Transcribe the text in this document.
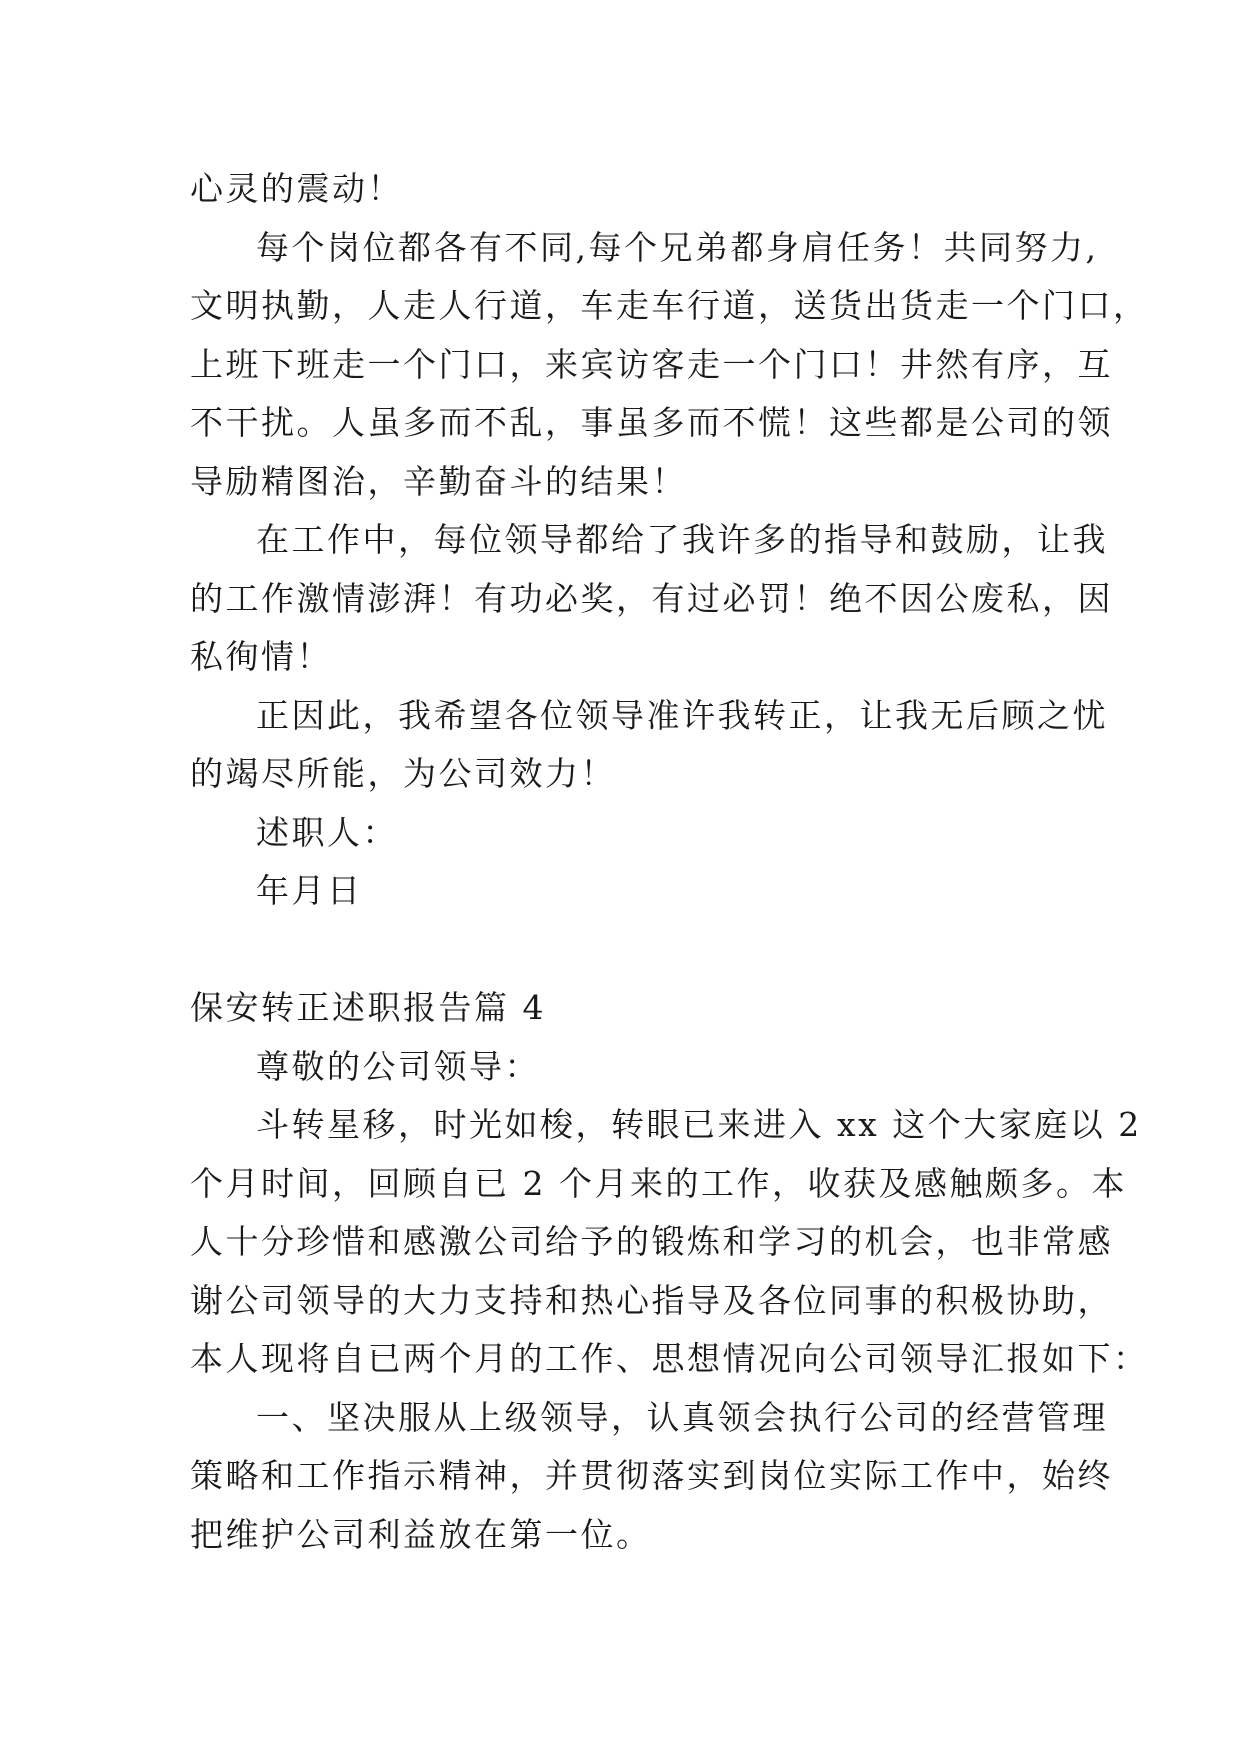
心灵的震动！

每个岗位都各有不同,每个兄弟都身肩任务！共同努力,
文明执勤，人走人行道，车走车行道，送货出货走一个门口，
上班下班走一个门口，来宾访客走一个门口！井然有序，互
不干扰。人虽多而不乱，事虽多而不慌！这些都是公司的领
导励精图治，辛勤奋斗的结果！

在工作中，每位领导都给了我许多的指导和鼓励，让我
的工作激情澎湃！有功必奖，有过必罚！绝不因公废私，因
私徇情！

正因此，我希望各位领导准许我转正，让我无后顾之忧
的竭尽所能，为公司效力！

述职人：

年月日

保安转正述职报告篇 4

尊敬的公司领导：

斗转星移，时光如梭，转眼已来进入 xx 这个大家庭以 2
个月时间，回顾自已 2 个月来的工作，收获及感触颇多。本
人十分珍惜和感激公司给予的锻炼和学习的机会，也非常感
谢公司领导的大力支持和热心指导及各位同事的积极协助，
本人现将自已两个月的工作、思想情况向公司领导汇报如下：

一、坚决服从上级领导，认真领会执行公司的经营管理
策略和工作指示精神，并贯彻落实到岗位实际工作中，始终
把维护公司利益放在第一位。
